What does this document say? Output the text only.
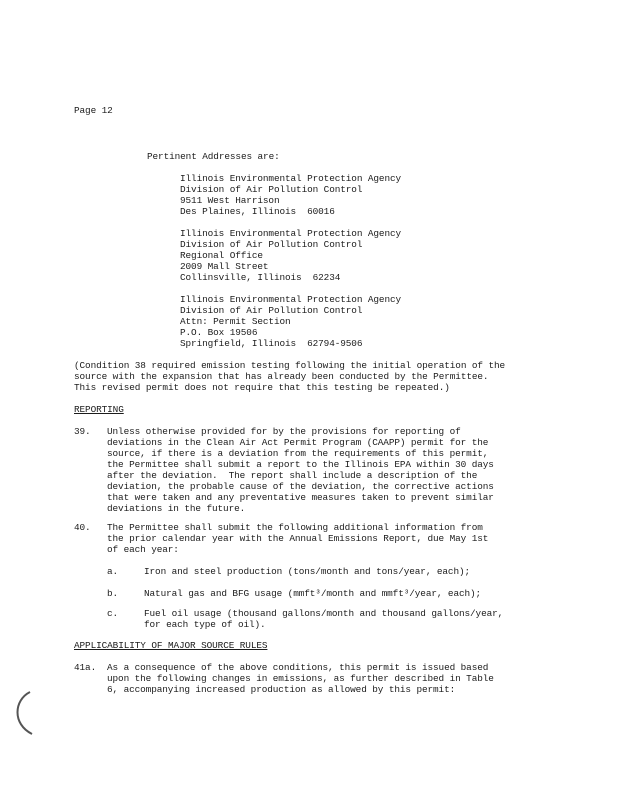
Page 12
Pertinent Addresses are:
Illinois Environmental Protection Agency
Division of Air Pollution Control
9511 West Harrison
Des Plaines, Illinois  60016
Illinois Environmental Protection Agency
Division of Air Pollution Control
Regional Office
2009 Mall Street
Collinsville, Illinois  62234
Illinois Environmental Protection Agency
Division of Air Pollution Control
Attn: Permit Section
P.O. Box 19506
Springfield, Illinois  62794-9506
(Condition 38 required emission testing following the initial operation of the
source with the expansion that has already been conducted by the Permittee.
This revised permit does not require that this testing be repeated.)
REPORTING
39. Unless otherwise provided for by the provisions for reporting of
deviations in the Clean Air Act Permit Program (CAAPP) permit for the
source, if there is a deviation from the requirements of this permit,
the Permittee shall submit a report to the Illinois EPA within 30 days
after the deviation.  The report shall include a description of the
deviation, the probable cause of the deviation, the corrective actions
that were taken and any preventative measures taken to prevent similar
deviations in the future.
40. The Permittee shall submit the following additional information from
the prior calendar year with the Annual Emissions Report, due May 1st
of each year:
a.	Iron and steel production (tons/month and tons/year, each);
b.	Natural gas and BFG usage (mmft³/month and mmft³/year, each);
c.	Fuel oil usage (thousand gallons/month and thousand gallons/year,
for each type of oil).
APPLICABILITY OF MAJOR SOURCE RULES
41a. As a consequence of the above conditions, this permit is issued based
upon the following changes in emissions, as further described in Table
6, accompanying increased production as allowed by this permit:
